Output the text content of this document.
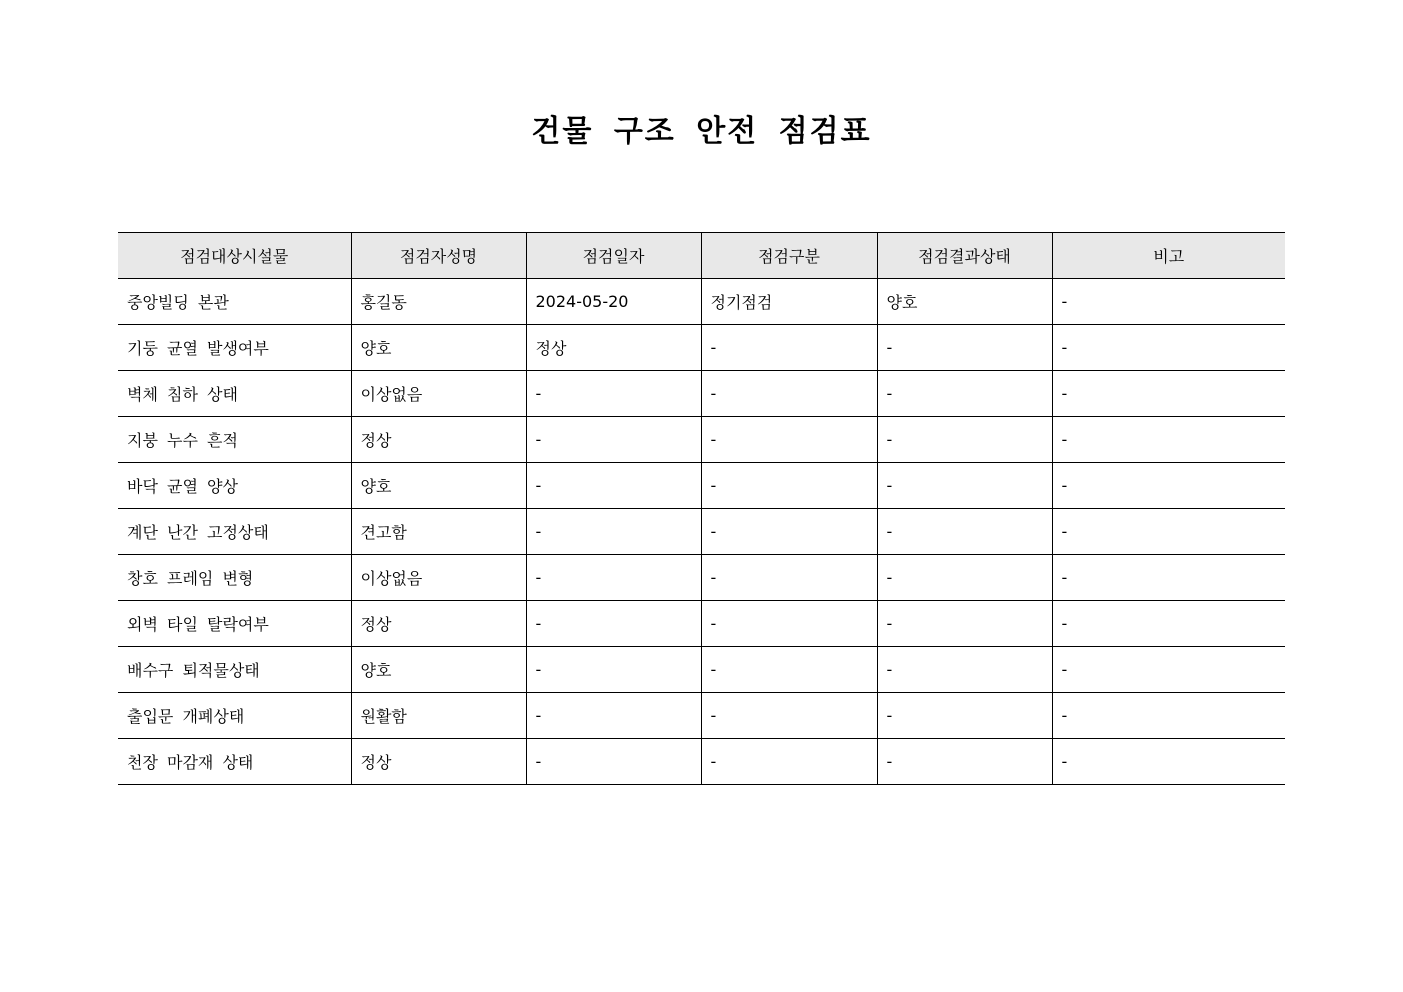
건물 구조 안전 점검표
점검대상시설물	점검자성명	점검일자	점검구분	점검결과상태	비고
중앙빌딩 본관	홍길동	2024-05-20	정기점검	양호	-
기둥 균열 발생여부	양호	정상	-	-	-
벽체 침하 상태	이상없음	-	-	-	-
지붕 누수 흔적	정상	-	-	-	-
바닥 균열 양상	양호	-	-	-	-
계단 난간 고정상태	견고함	-	-	-	-
창호 프레임 변형	이상없음	-	-	-	-
외벽 타일 탈락여부	정상	-	-	-	-
배수구 퇴적물상태	양호	-	-	-	-
출입문 개폐상태	원활함	-	-	-	-
천장 마감재 상태	정상	-	-	-	-
